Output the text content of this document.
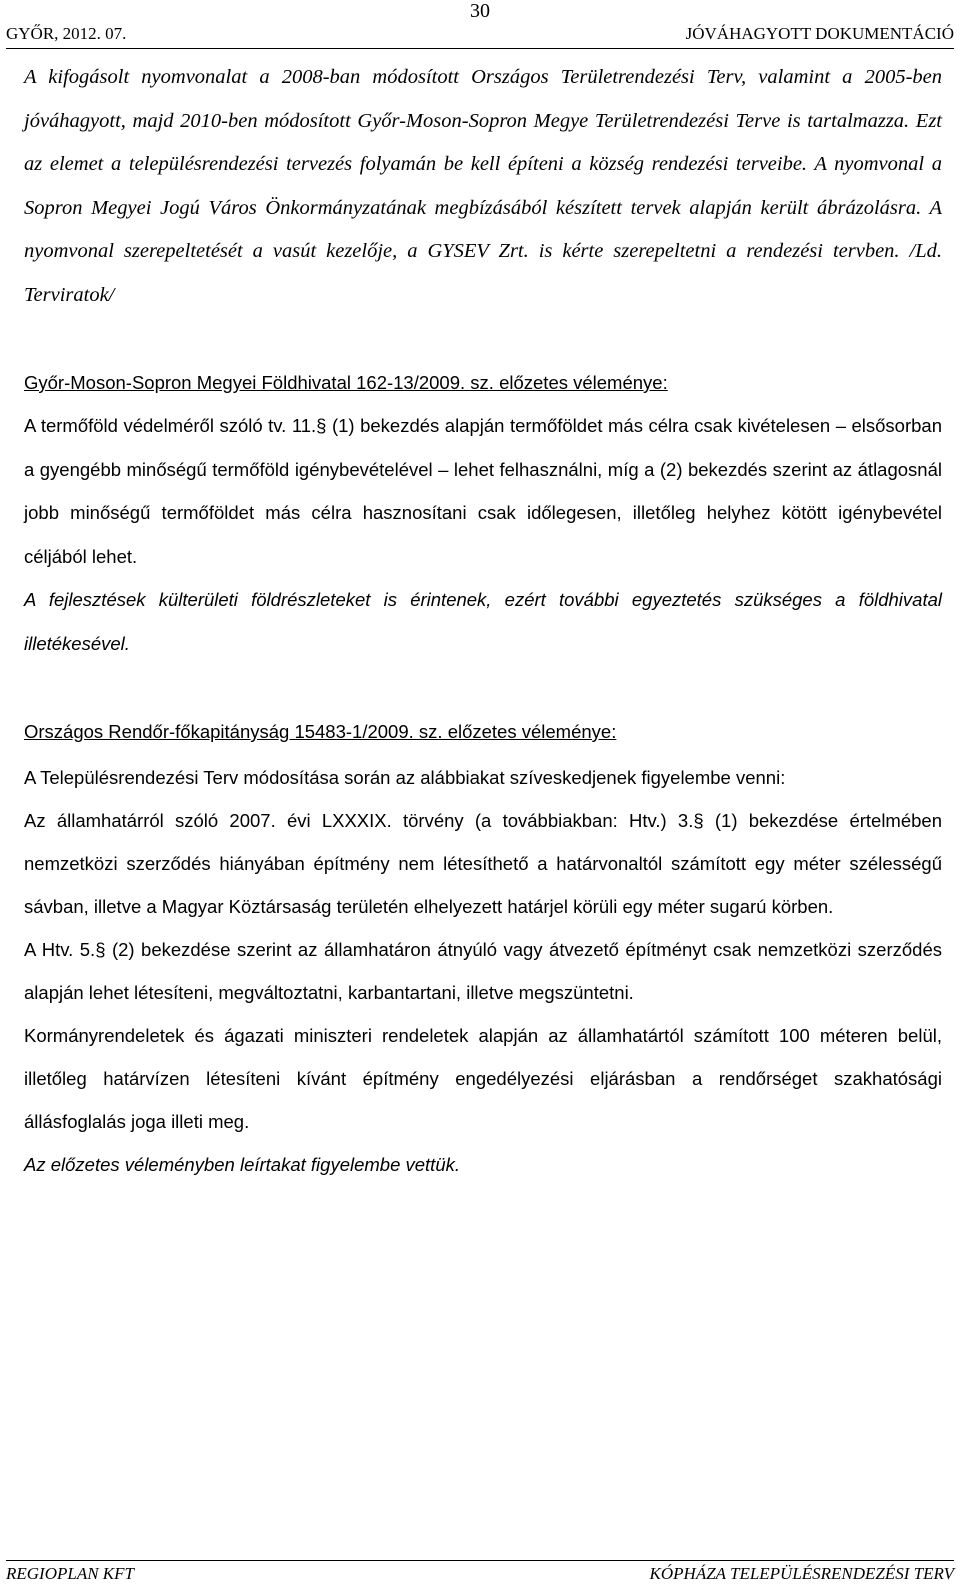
30
GYŐR, 2012. 07.	JÓVÁHAGYOTT DOKUMENTÁCIÓ

A kifogásolt nyomvonalat a 2008-ban módosított Országos Területrendezési Terv, valamint a 2005-ben jóváhagyott, majd 2010-ben módosított Győr-Moson-Sopron Megye Területrendezési Terve is tartalmazza. Ezt az elemet a településrendezési tervezés folyamán be kell építeni a község rendezési terveibe. A nyomvonal a Sopron Megyei Jogú Város Önkormányzatának megbízásából készített tervek alapján került ábrázolásra. A nyomvonal szerepeltetését a vasút kezelője, a GYSEV Zrt. is kérte szerepeltetni a rendezési tervben. /Ld. Terviratok/

Győr-Moson-Sopron Megyei Földhivatal 162-13/2009. sz. előzetes véleménye:

A termőföld védelméről szóló tv. 11.§ (1) bekezdés alapján termőföldet más célra csak kivételesen – elsősorban a gyengébb minőségű termőföld igénybevételével – lehet felhasználni, míg a (2) bekezdés szerint az átlagosnál jobb minőségű termőföldet más célra hasznosítani csak időlegesen, illetőleg helyhez kötött igénybevétel céljából lehet.

A fejlesztések külterületi földrészleteket is érintenek, ezért további egyeztetés szükséges a földhivatal illetékesével.

Országos Rendőr-főkapitányság 15483-1/2009. sz. előzetes véleménye:

A Településrendezési Terv módosítása során az alábbiakat szíveskedjenek figyelembe venni:

Az államhatárról szóló 2007. évi LXXXIX. törvény (a továbbiakban: Htv.) 3.§ (1) bekezdése értelmében nemzetközi szerződés hiányában építmény nem létesíthető a határvonaltól számított egy méter szélességű sávban, illetve a Magyar Köztársaság területén elhelyezett határjel körüli egy méter sugarú körben.

A Htv. 5.§ (2) bekezdése szerint az államhatáron átnyúló vagy átvezető építményt csak nemzetközi szerződés alapján lehet létesíteni, megváltoztatni, karbantartani, illetve megszüntetni.

Kormányrendeletek és ágazati miniszteri rendeletek alapján az államhatártól számított 100 méteren belül, illetőleg határvízen létesíteni kívánt építmény engedélyezési eljárásban a rendőrséget szakhatósági állásfoglalás joga illeti meg.

Az előzetes véleményben leírtakat figyelembe vettük.

REGIOPLAN KFT	KÓPHÁZA TELEPÜLÉSRENDEZÉSI TERV
